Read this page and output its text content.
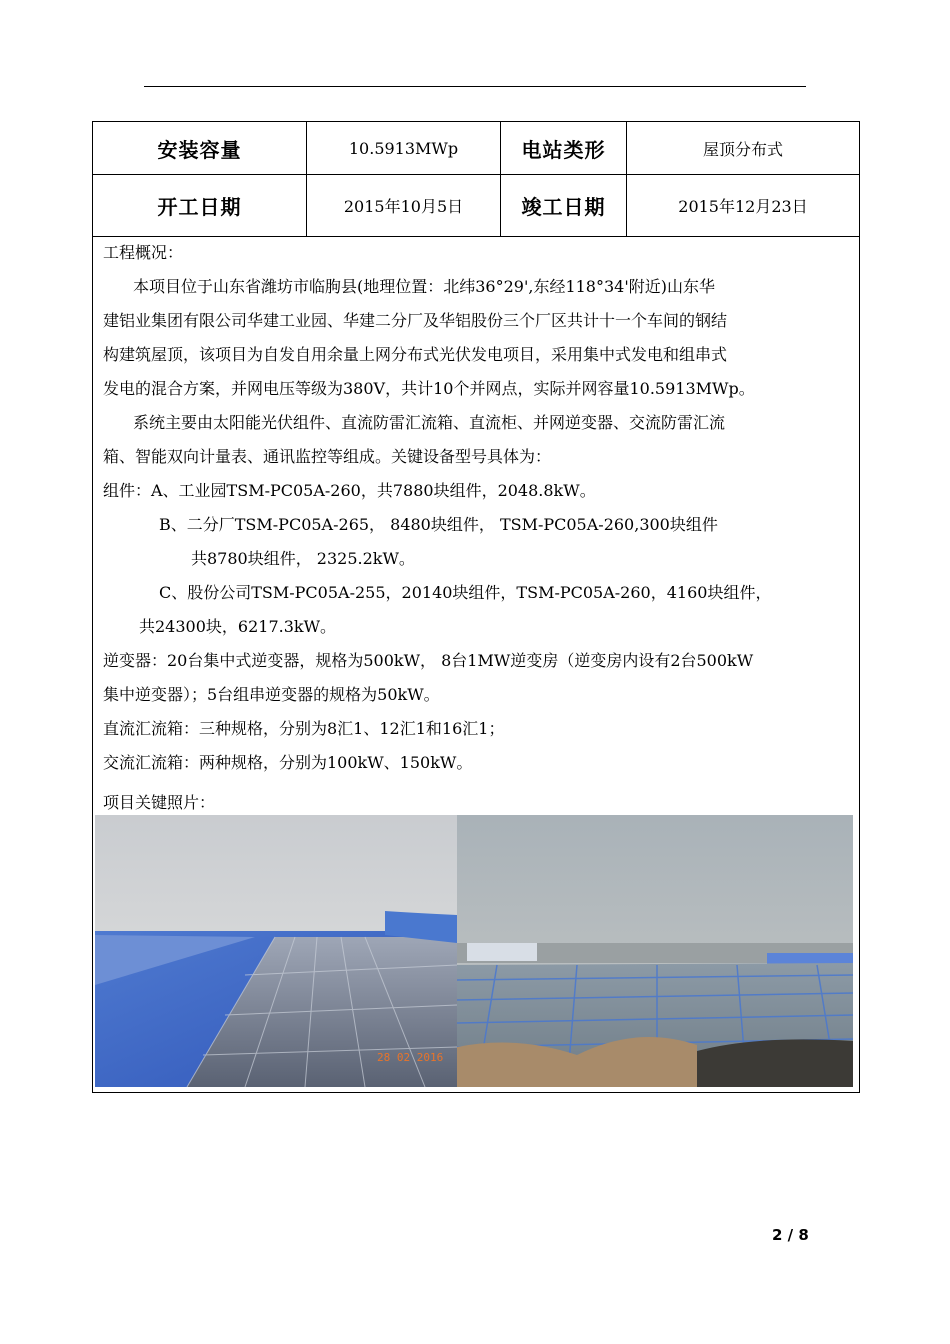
安装容量	10.5913MWp	电站类形	屋顶分布式
开工日期	2015年10月5日	竣工日期	2015年12月23日
工程概况：
本项目位于山东省潍坊市临朐县(地理位置：北纬36°29',东经118°34'附近)山东华
建铝业集团有限公司华建工业园、华建二分厂及华铝股份三个厂区共计十一个车间的钢结
构建筑屋顶，该项目为自发自用余量上网分布式光伏发电项目，采用集中式发电和组串式
发电的混合方案，并网电压等级为380V，共计10个并网点，实际并网容量10.5913MWp。
系统主要由太阳能光伏组件、直流防雷汇流箱、直流柜、并网逆变器、交流防雷汇流
箱、智能双向计量表、通讯监控等组成。关键设备型号具体为：
组件：A、工业园TSM-PC05A-260，共7880块组件，2048.8kW。
B、二分厂TSM-PC05A-265， 8480块组件， TSM-PC05A-260,300块组件
共8780块组件， 2325.2kW。
C、股份公司TSM-PC05A-255，20140块组件，TSM-PC05A-260，4160块组件，
共24300块，6217.3kW。
逆变器：20台集中式逆变器，规格为500kW， 8台1MW逆变房（逆变房内设有2台500kW
集中逆变器）；5台组串逆变器的规格为50kW。
直流汇流箱：三种规格，分别为8汇1、12汇1和16汇1；
交流汇流箱：两种规格，分别为100kW、150kW。
项目关键照片：
28 02 2016
2 / 8
